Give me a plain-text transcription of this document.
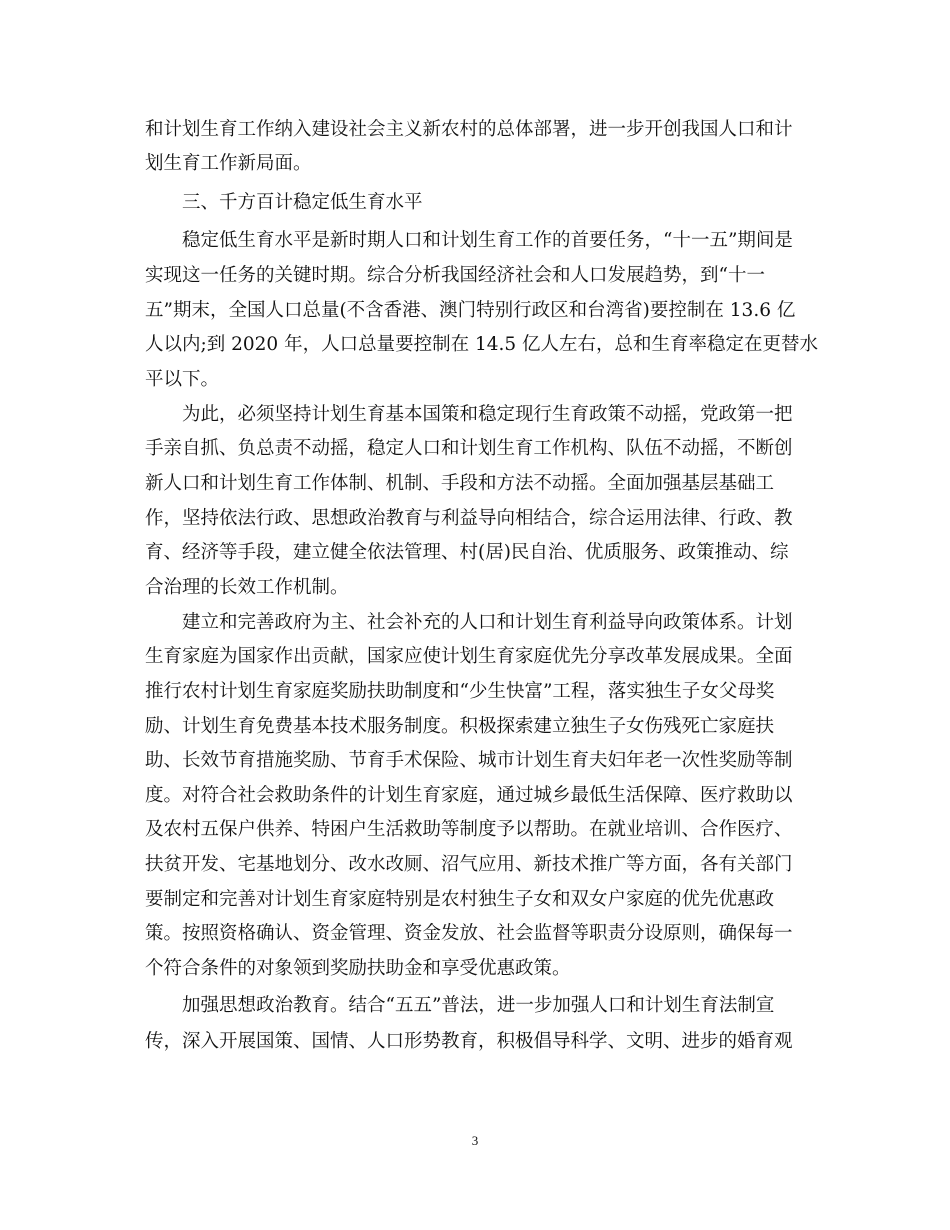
和计划生育工作纳入建设社会主义新农村的总体部署，进一步开创我国人口和计
划生育工作新局面。
三、千方百计稳定低生育水平
稳定低生育水平是新时期人口和计划生育工作的首要任务，“十一五”期间是
实现这一任务的关键时期。综合分析我国经济社会和人口发展趋势，到“十一
五”期末，全国人口总量(不含香港、澳门特别行政区和台湾省)要控制在 13.6 亿
人以内;到 2020 年，人口总量要控制在 14.5 亿人左右，总和生育率稳定在更替水
平以下。
为此，必须坚持计划生育基本国策和稳定现行生育政策不动摇，党政第一把
手亲自抓、负总责不动摇，稳定人口和计划生育工作机构、队伍不动摇，不断创
新人口和计划生育工作体制、机制、手段和方法不动摇。全面加强基层基础工
作，坚持依法行政、思想政治教育与利益导向相结合，综合运用法律、行政、教
育、经济等手段，建立健全依法管理、村(居)民自治、优质服务、政策推动、综
合治理的长效工作机制。
建立和完善政府为主、社会补充的人口和计划生育利益导向政策体系。计划
生育家庭为国家作出贡献，国家应使计划生育家庭优先分享改革发展成果。全面
推行农村计划生育家庭奖励扶助制度和“少生快富”工程，落实独生子女父母奖
励、计划生育免费基本技术服务制度。积极探索建立独生子女伤残死亡家庭扶
助、长效节育措施奖励、节育手术保险、城市计划生育夫妇年老一次性奖励等制
度。对符合社会救助条件的计划生育家庭，通过城乡最低生活保障、医疗救助以
及农村五保户供养、特困户生活救助等制度予以帮助。在就业培训、合作医疗、
扶贫开发、宅基地划分、改水改厕、沼气应用、新技术推广等方面，各有关部门
要制定和完善对计划生育家庭特别是农村独生子女和双女户家庭的优先优惠政
策。按照资格确认、资金管理、资金发放、社会监督等职责分设原则，确保每一
个符合条件的对象领到奖励扶助金和享受优惠政策。
加强思想政治教育。结合“五五”普法，进一步加强人口和计划生育法制宣
传，深入开展国策、国情、人口形势教育，积极倡导科学、文明、进步的婚育观
3
